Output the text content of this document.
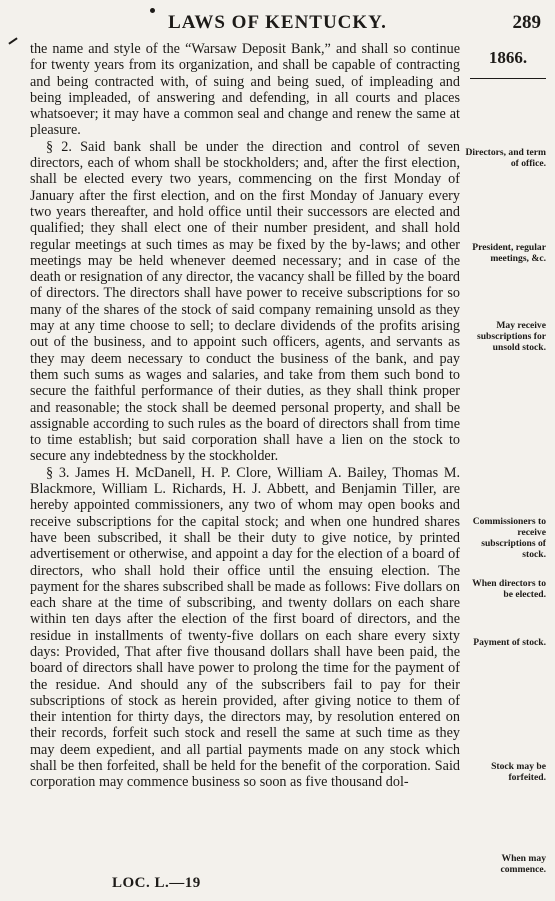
LAWS OF KENTUCKY.	289

the name and style of the “Warsaw Deposit Bank,” and shall so continue for twenty years from its organization, and shall be capable of contracting and being contracted with, of suing and being sued, of impleading and being impleaded, of answering and defending, in all courts and places whatsoever; it may have a common seal and change and renew the same at pleasure.

§ 2. Said bank shall be under the direction and control of seven directors, each of whom shall be stockholders; and, after the first election, shall be elected every two years, commencing on the first Monday of January after the first election, and on the first Monday of January every two years thereafter, and hold office until their successors are elected and qualified; they shall elect one of their number president, and shall hold regular meetings at such times as may be fixed by the by-laws; and other meetings may be held whenever deemed necessary; and in case of the death or resignation of any director, the vacancy shall be filled by the board of directors. The directors shall have power to receive subscriptions for so many of the shares of the stock of said company remaining unsold as they may at any time choose to sell; to declare dividends of the profits arising out of the business, and to appoint such officers, agents, and servants as they may deem necessary to conduct the business of the bank, and pay them such sums as wages and salaries, and take from them such bond to secure the faithful performance of their duties, as they shall think proper and reasonable; the stock shall be deemed personal property, and shall be assignable according to such rules as the board of directors shall from time to time establish; but said corporation shall have a lien on the stock to secure any indebtedness by the stockholder.

§ 3. James H. McDanell, H. P. Clore, William A. Bailey, Thomas M. Blackmore, William L. Richards, H. J. Abbett, and Benjamin Tiller, are hereby appointed commissioners, any two of whom may open books and receive subscriptions for the capital stock; and when one hundred shares have been subscribed, it shall be their duty to give notice, by printed advertisement or otherwise, and appoint a day for the election of a board of directors, who shall hold their office until the ensuing election. The payment for the shares subscribed shall be made as follows: Five dollars on each share at the time of subscribing, and twenty dollars on each share within ten days after the election of the first board of directors, and the residue in installments of twenty-five dollars on each share every sixty days: Provided, That after five thousand dollars shall have been paid, the board of directors shall have power to prolong the time for the payment of the residue. And should any of the subscribers fail to pay for their subscriptions of stock as herein provided, after giving notice to them of their intention for thirty days, the directors may, by resolution entered on their records, forfeit such stock and resell the same at such time as they may deem expedient, and all partial payments made on any stock which shall be then forfeited, shall be held for the benefit of the corporation. Said corporation may commence business so soon as five thousand dol-

1866.
Directors, and term of office.
President, regular meetings, &c.
May receive subscriptions for unsold stock.
Commissioners to receive subscriptions of stock.
When directors to be elected.
Payment of stock.
Stock may be forfeited.
When may commence.
LOC. L.—19
